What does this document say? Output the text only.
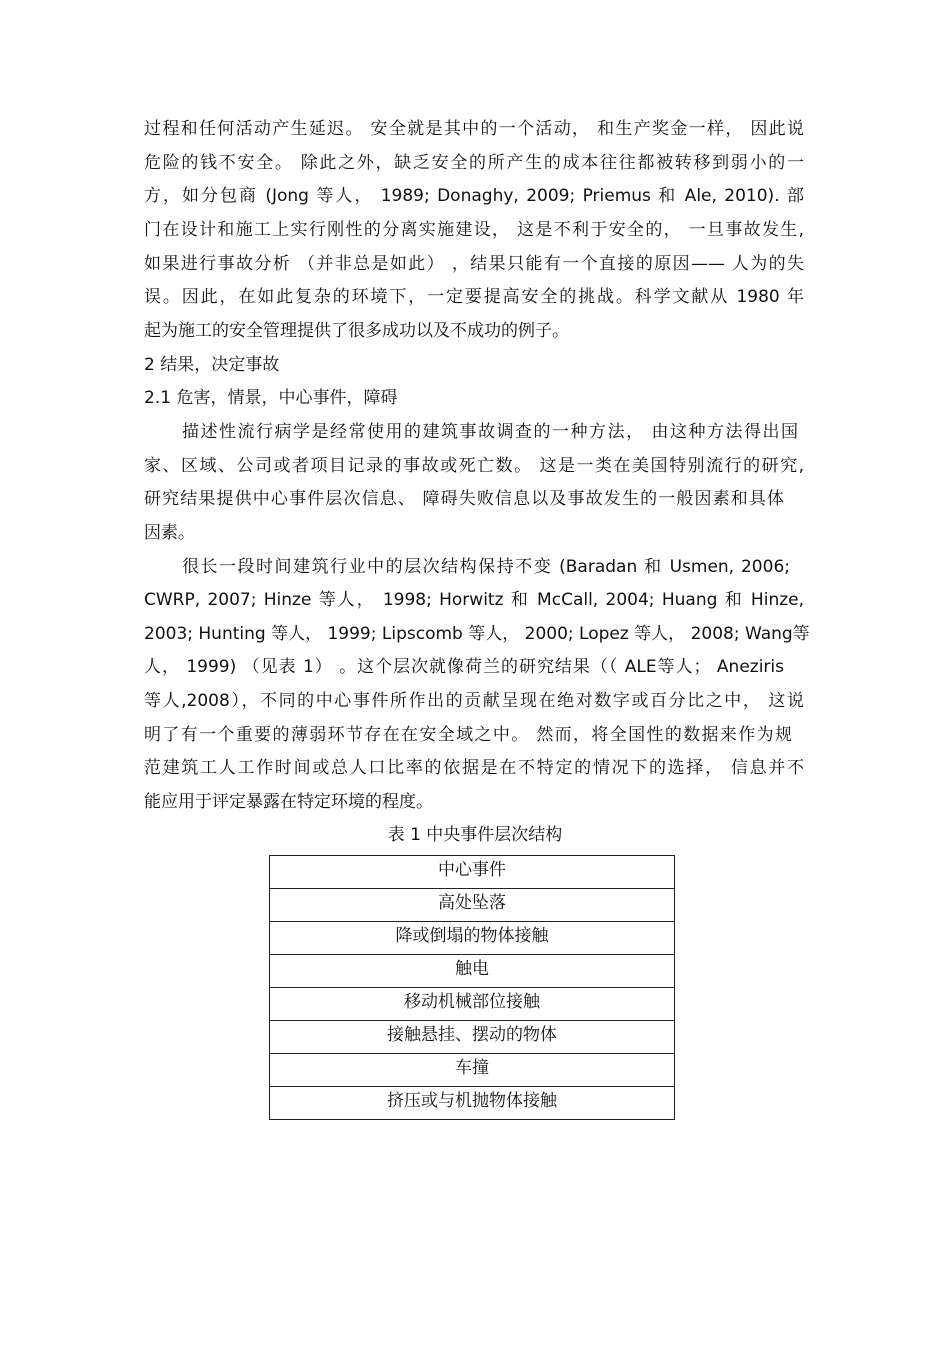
过程和任何活动产生延迟。 安全就是其中的一个活动， 和生产奖金一样， 因此说
危险的钱不安全。 除此之外，缺乏安全的所产生的成本往往都被转移到弱小的一
方，如分包商 (Jong 等人， 1989; Donaghy, 2009; Priemus 和 Ale, 2010). 部
门在设计和施工上实行刚性的分离实施建设， 这是不利于安全的， 一旦事故发生,
如果进行事故分析 （并非总是如此） ，结果只能有一个直接的原因—— 人为的失
误。因此，在如此复杂的环境下，一定要提高安全的挑战。科学文献从 1980 年
起为施工的安全管理提供了很多成功以及不成功的例子。
2 结果，决定事故
2.1 危害，情景，中心事件，障碍
描述性流行病学是经常使用的建筑事故调查的一种方法， 由这种方法得出国
家、区域、公司或者项目记录的事故或死亡数。 这是一类在美国特别流行的研究,
研究结果提供中心事件层次信息、 障碍失败信息以及事故发生的一般因素和具体
因素。
很长一段时间建筑行业中的层次结构保持不变 (Baradan 和 Usmen, 2006;
CWRP, 2007; Hinze 等人， 1998; Horwitz 和 McCall, 2004; Huang 和 Hinze,
2003; Hunting 等人， 1999; Lipscomb 等人， 2000; Lopez 等人， 2008; Wang等
人， 1999) （见表 1） 。这个层次就像荷兰的研究结果（（ ALE等人； Aneziris
等人,2008），不同的中心事件所作出的贡献呈现在绝对数字或百分比之中， 这说
明了有一个重要的薄弱环节存在在安全域之中。 然而，将全国性的数据来作为规
范建筑工人工作时间或总人口比率的依据是在不特定的情况下的选择， 信息并不
能应用于评定暴露在特定环境的程度。
表 1 中央事件层次结构
中心事件
高处坠落
降或倒塌的物体接触
触电
移动机械部位接触
接触悬挂、摆动的物体
车撞
挤压或与机抛物体接触
